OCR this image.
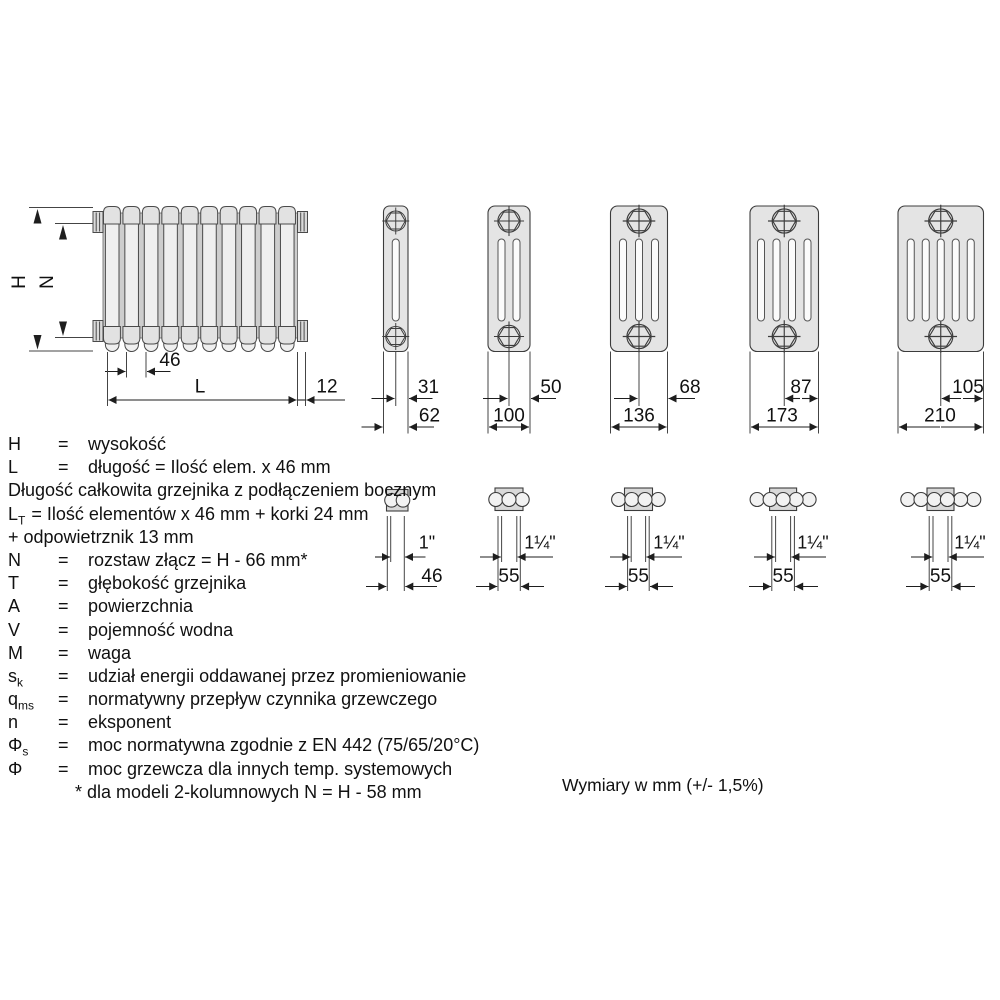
H N
46
L	12	31
62
50
100
68
136
87
173
105
210
1"
46
1¼"
55
1¼"
55
1¼"
55
1¼"
55
H = wysokość
L = długość = Ilość elem. x 46 mm
Długość całkowita grzejnika z podłączeniem bocznym
$L_T$ = Ilość elementów x 46 mm + korki 24 mm
+ odpowietrznik 13 mm
N = rozstaw złącz = H - 66 mm*
T = głębokość grzejnika
A = powierzchnia
V = pojemność wodna
M = waga
$s_k$ = udział energii oddawanej przez promieniowanie
$q_{ms}$ = normatywny przepływ czynnika grzewczego
n = eksponent
$\Phi_s$ = moc normatywna zgodnie z EN 442 (75/65/20°C)
Φ = moc grzewcza dla innych temp. systemowych
* dla modeli 2-kolumnowych N = H - 58 mm	Wymiary w mm (+/- 1,5%)
